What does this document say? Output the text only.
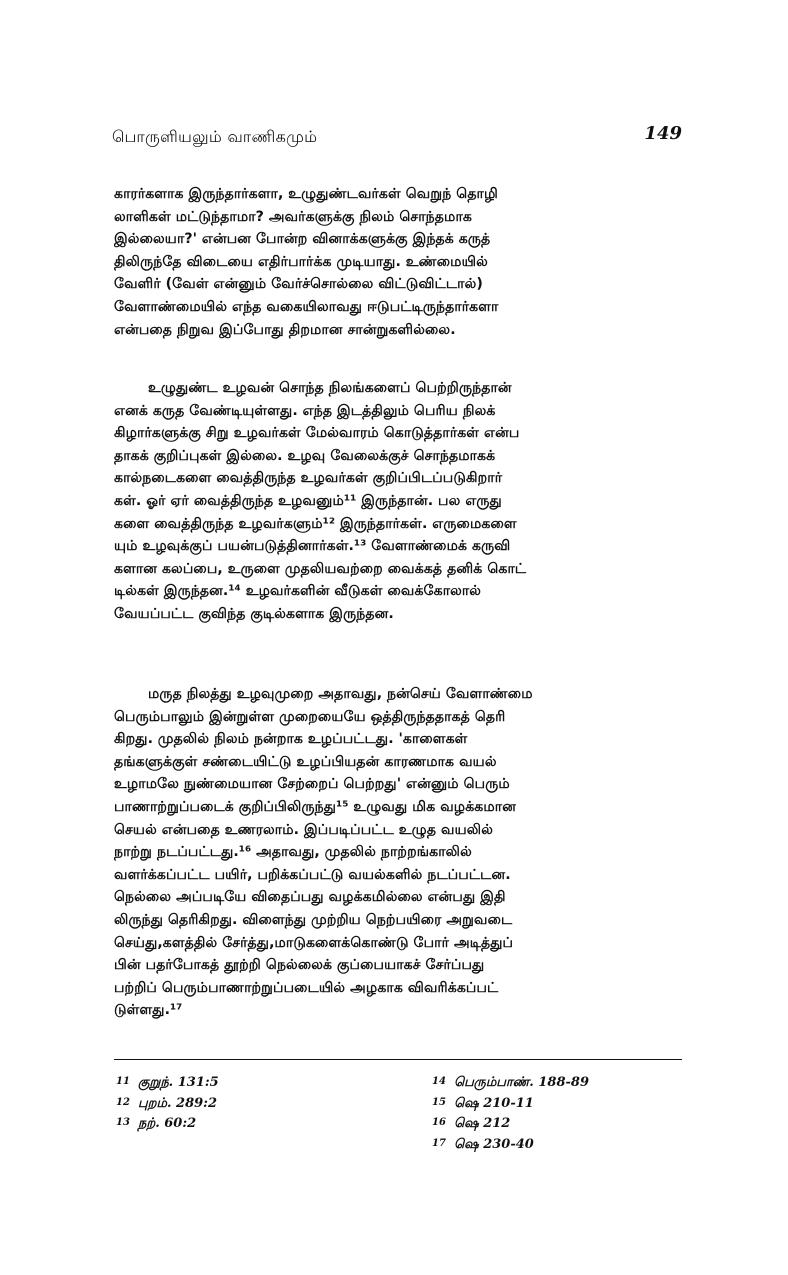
பொருளியலும் வாணிகமும்	149
காரர்களாக இருந்தார்களா, உழுதுண்டவர்கள் வெறுந் தொழி
லாளிகள் மட்டுந்தாமா? அவர்களுக்கு நிலம் சொந்தமாக
இல்லையா?' என்பன போன்ற வினாக்களுக்கு இந்தக் கருத்
திலிருந்தே விடையை எதிர்பார்க்க முடியாது. உண்மையில்
வேளிர் (வேள் என்னும் வேர்ச்சொல்லை விட்டுவிட்டால்)
வேளாண்மையில் எந்த வகையிலாவது ஈடுபட்டிருந்தார்களா
என்பதை நிறுவ இப்போது திறமான சான்றுகளில்லை.
உழுதுண்ட உழவன் சொந்த நிலங்களைப் பெற்றிருந்தான்
எனக் கருத வேண்டியுள்ளது. எந்த இடத்திலும் பெரிய நிலக்
கிழார்களுக்கு சிறு உழவர்கள் மேல்வாரம் கொடுத்தார்கள் என்ப
தாகக் குறிப்புகள் இல்லை. உழவு வேலைக்குச் சொந்தமாகக்
கால்நடைகளை வைத்திருந்த உழவர்கள் குறிப்பிடப்படுகிறார்
கள். ஓர் ஏர் வைத்திருந்த உழவனும்¹¹ இருந்தான். பல எருது
களை வைத்திருந்த உழவர்களும்¹² இருந்தார்கள். எருமைகளை
யும் உழவுக்குப் பயன்படுத்தினார்கள்.¹³ வேளாண்மைக் கருவி
களான கலப்பை, உருளை முதலியவற்றை வைக்கத் தனிக் கொட்
டில்கள் இருந்தன.¹⁴ உழவர்களின் வீடுகள் வைக்கோலால்
வேயப்பட்ட குவிந்த குடில்களாக இருந்தன.
மருத நிலத்து உழவுமுறை அதாவது, நன்செய் வேளாண்மை
பெரும்பாலும் இன்றுள்ள முறையையே ஒத்திருந்ததாகத் தெரி
கிறது. முதலில் நிலம் நன்றாக உழப்பட்டது. 'காளைகள்
தங்களுக்குள் சண்டையிட்டு உழப்பியதன் காரணமாக வயல்
உழாமலே நுண்மையான சேற்றைப் பெற்றது' என்னும் பெரும்
பாணாற்றுப்படைக் குறிப்பிலிருந்து¹⁵ உழுவது மிக வழக்கமான
செயல் என்பதை உணரலாம். இப்படிப்பட்ட உழுத வயலில்
நாற்று நடப்பட்டது.¹⁶ அதாவது, முதலில் நாற்றங்காலில்
வளர்க்கப்பட்ட பயிர், பறிக்கப்பட்டு வயல்களில் நடப்பட்டன.
நெல்லை அப்படியே விதைப்பது வழக்கமில்லை என்பது இதி
லிருந்து தெரிகிறது. விளைந்து முற்றிய நெற்பயிரை அறுவடை
செய்து,களத்தில் சேர்த்து,மாடுகளைக்கொண்டு போர் அடித்துப்
பின் பதர்போகத் தூற்றி நெல்லைக் குப்பையாகச் சேர்ப்பது
பற்றிப் பெரும்பாணாற்றுப்படையில் அழகாக விவரிக்கப்பட்
டுள்ளது.¹⁷
11 குறுந். 131:5
12 புறம். 289:2
13 நற். 60:2
14 பெரும்பாண். 188-89
15 ஷெ 210-11
16 ஷெ 212
17 ஷெ 230-40
